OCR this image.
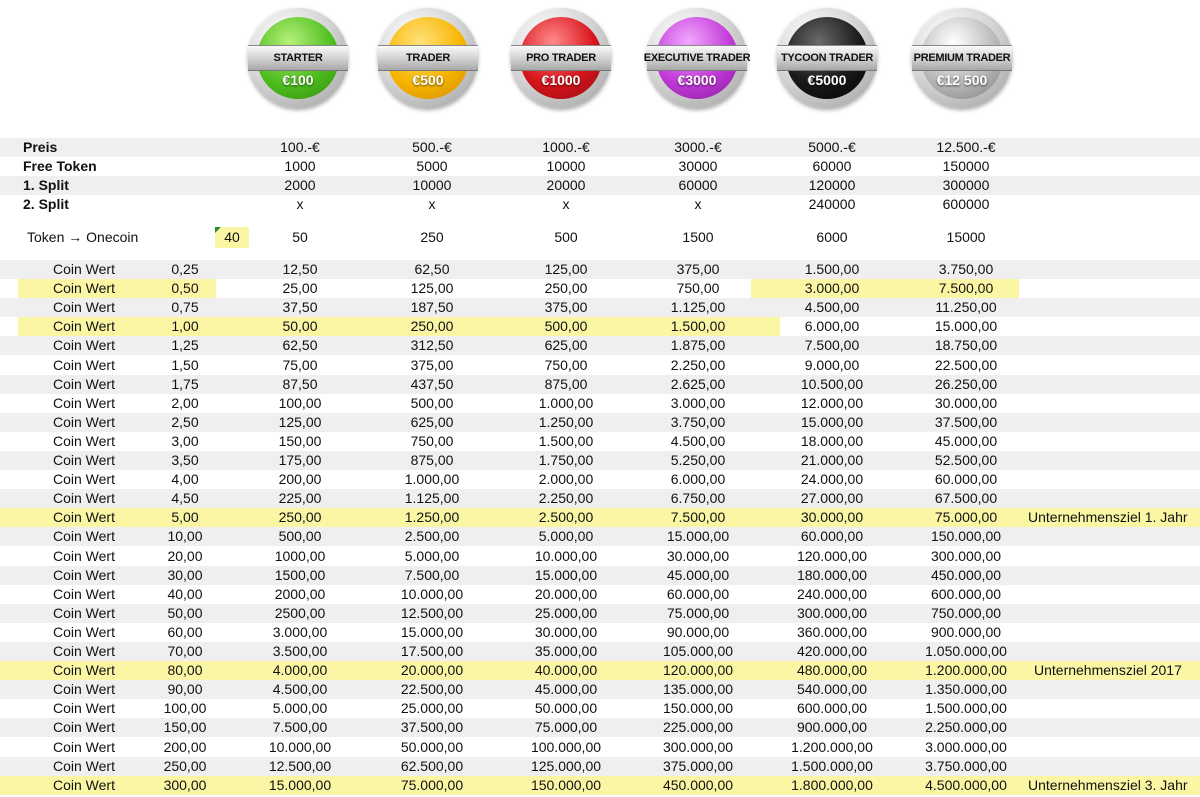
STARTER
€100
TRADER
€500
PRO TRADER
€1000
EXECUTIVE TRADER
€3000
TYCOON TRADER
€5000
PREMIUM TRADER
€12 500
Preis	100.-€	500.-€	1000.-€	3000.-€	5000.-€	12.500.-€
Free Token	1000	5000	10000	30000	60000	150000
1. Split	2000	10000	20000	60000	120000	300000
2. Split	x	x	x	x	240000	600000
Token → Onecoin	40	50	250	500	1500	6000	15000
Coin Wert	0,25	12,50	62,50	125,00	375,00	1.500,00	3.750,00
Coin Wert	0,50	25,00	125,00	250,00	750,00	3.000,00	7.500,00
Coin Wert	0,75	37,50	187,50	375,00	1.125,00	4.500,00	11.250,00
Coin Wert	1,00	50,00	250,00	500,00	1.500,00	6.000,00	15.000,00
Coin Wert	1,25	62,50	312,50	625,00	1.875,00	7.500,00	18.750,00
Coin Wert	1,50	75,00	375,00	750,00	2.250,00	9.000,00	22.500,00
Coin Wert	1,75	87,50	437,50	875,00	2.625,00	10.500,00	26.250,00
Coin Wert	2,00	100,00	500,00	1.000,00	3.000,00	12.000,00	30.000,00
Coin Wert	2,50	125,00	625,00	1.250,00	3.750,00	15.000,00	37.500,00
Coin Wert	3,00	150,00	750,00	1.500,00	4.500,00	18.000,00	45.000,00
Coin Wert	3,50	175,00	875,00	1.750,00	5.250,00	21.000,00	52.500,00
Coin Wert	4,00	200,00	1.000,00	2.000,00	6.000,00	24.000,00	60.000,00
Coin Wert	4,50	225,00	1.125,00	2.250,00	6.750,00	27.000,00	67.500,00
Coin Wert	5,00	250,00	1.250,00	2.500,00	7.500,00	30.000,00	75.000,00	Unternehmensziel 1. Jahr
Coin Wert	10,00	500,00	2.500,00	5.000,00	15.000,00	60.000,00	150.000,00
Coin Wert	20,00	1000,00	5.000,00	10.000,00	30.000,00	120.000,00	300.000,00
Coin Wert	30,00	1500,00	7.500,00	15.000,00	45.000,00	180.000,00	450.000,00
Coin Wert	40,00	2000,00	10.000,00	20.000,00	60.000,00	240.000,00	600.000,00
Coin Wert	50,00	2500,00	12.500,00	25.000,00	75.000,00	300.000,00	750.000,00
Coin Wert	60,00	3.000,00	15.000,00	30.000,00	90.000,00	360.000,00	900.000,00
Coin Wert	70,00	3.500,00	17.500,00	35.000,00	105.000,00	420.000,00	1.050.000,00
Coin Wert	80,00	4.000,00	20.000,00	40.000,00	120.000,00	480.000,00	1.200.000,00	Unternehmensziel 2017
Coin Wert	90,00	4.500,00	22.500,00	45.000,00	135.000,00	540.000,00	1.350.000,00
Coin Wert	100,00	5.000,00	25.000,00	50.000,00	150.000,00	600.000,00	1.500.000,00
Coin Wert	150,00	7.500,00	37.500,00	75.000,00	225.000,00	900.000,00	2.250.000,00
Coin Wert	200,00	10.000,00	50.000,00	100.000,00	300.000,00	1.200.000,00	3.000.000,00
Coin Wert	250,00	12.500,00	62.500,00	125.000,00	375.000,00	1.500.000,00	3.750.000,00
Coin Wert	300,00	15.000,00	75.000,00	150.000,00	450.000,00	1.800.000,00	4.500.000,00	Unternehmensziel 3. Jahr
